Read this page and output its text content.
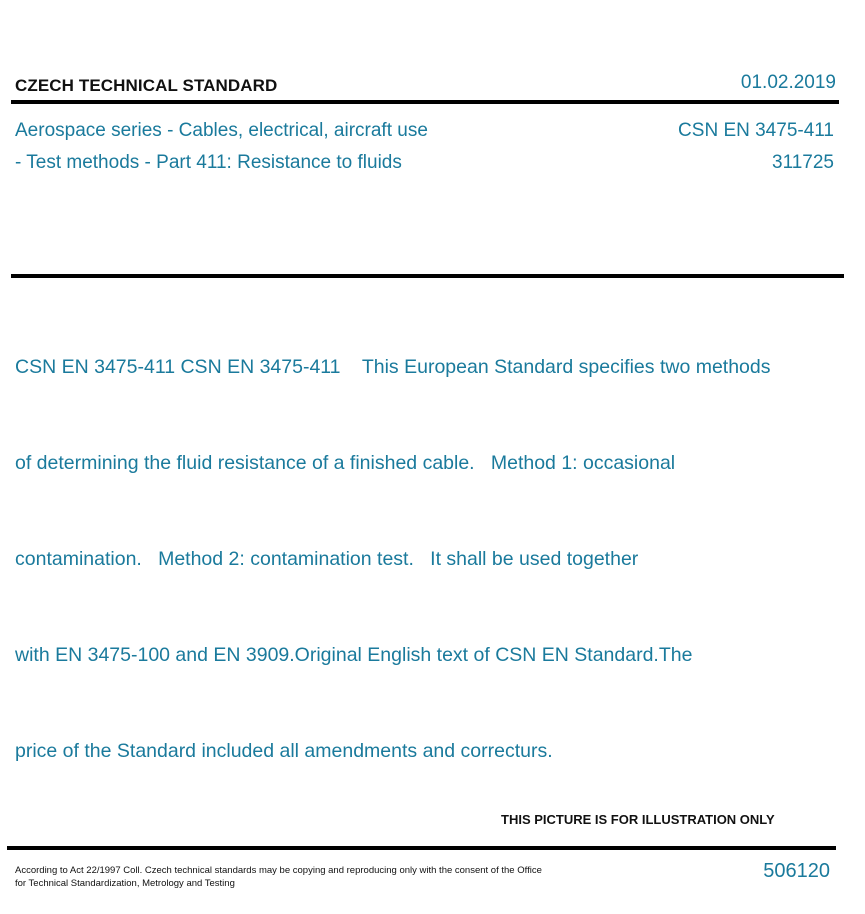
CZECH TECHNICAL STANDARD	01.02.2019
Aerospace series - Cables, electrical, aircraft use
- Test methods - Part 411: Resistance to fluids
CSN EN 3475-411
311725

CSN EN 3475-411 CSN EN 3475-411    This European Standard specifies two methods

of determining the fluid resistance of a finished cable.   Method 1: occasional

contamination.   Method 2: contamination test.   It shall be used together

with EN 3475-100 and EN 3909.Original English text of CSN EN Standard.The

price of the Standard included all amendments and correcturs.

THIS PICTURE IS FOR ILLUSTRATION ONLY
According to Act 22/1997 Coll. Czech technical standards may be copying and reproducing only with the consent of the Office
for Technical Standardization, Metrology and Testing
506120
